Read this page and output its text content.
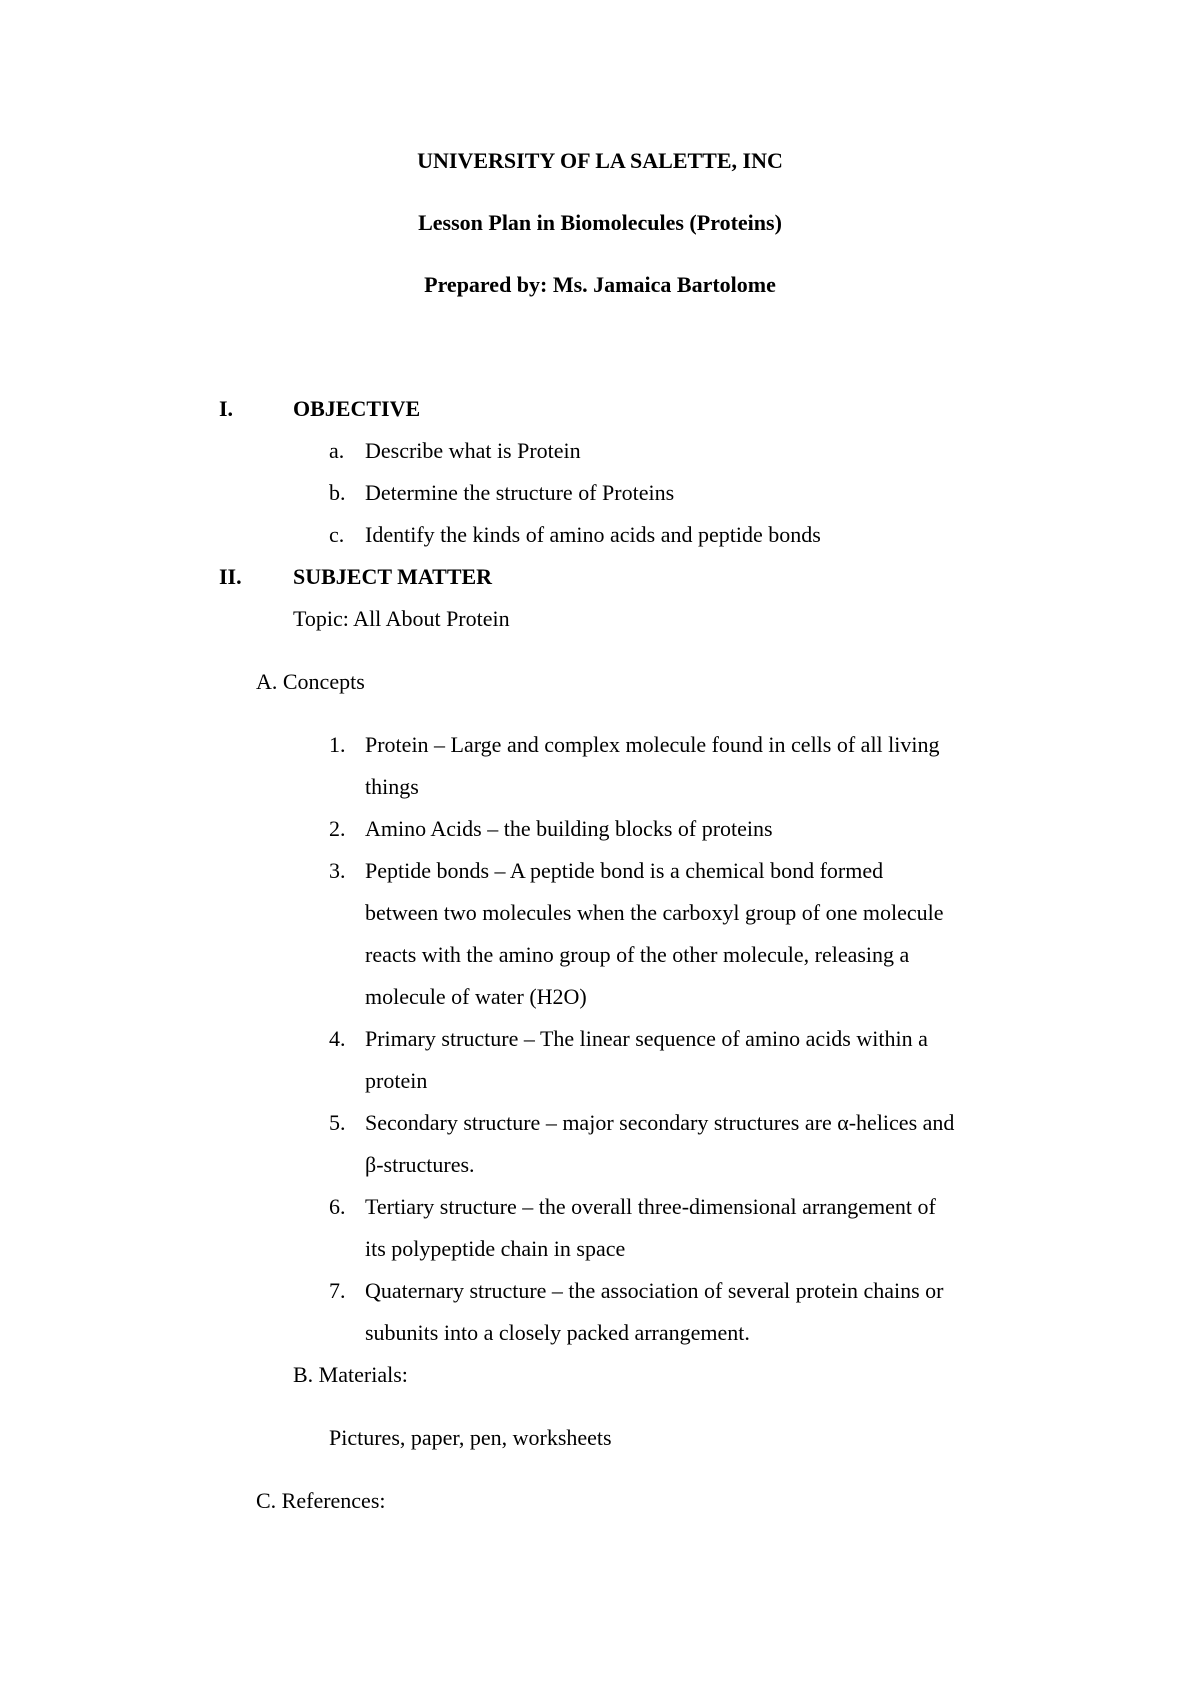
UNIVERSITY OF LA SALETTE, INC
Lesson Plan in Biomolecules (Proteins)
Prepared by: Ms. Jamaica Bartolome
I.	OBJECTIVE
a. Describe what is Protein
b. Determine the structure of Proteins
c. Identify the kinds of amino acids and peptide bonds
II. SUBJECT MATTER
Topic: All About Protein
A. Concepts
1. Protein – Large and complex molecule found in cells of all living
things
2. Amino Acids – the building blocks of proteins
3. Peptide bonds – A peptide bond is a chemical bond formed
between two molecules when the carboxyl group of one molecule
reacts with the amino group of the other molecule, releasing a
molecule of water (H2O)
4. Primary structure – The linear sequence of amino acids within a
protein
5. Secondary structure – major secondary structures are α-helices and
β-structures.
6. Tertiary structure – the overall three-dimensional arrangement of
its polypeptide chain in space
7. Quaternary structure – the association of several protein chains or
subunits into a closely packed arrangement.
B. Materials:
Pictures, paper, pen, worksheets
C. References:
